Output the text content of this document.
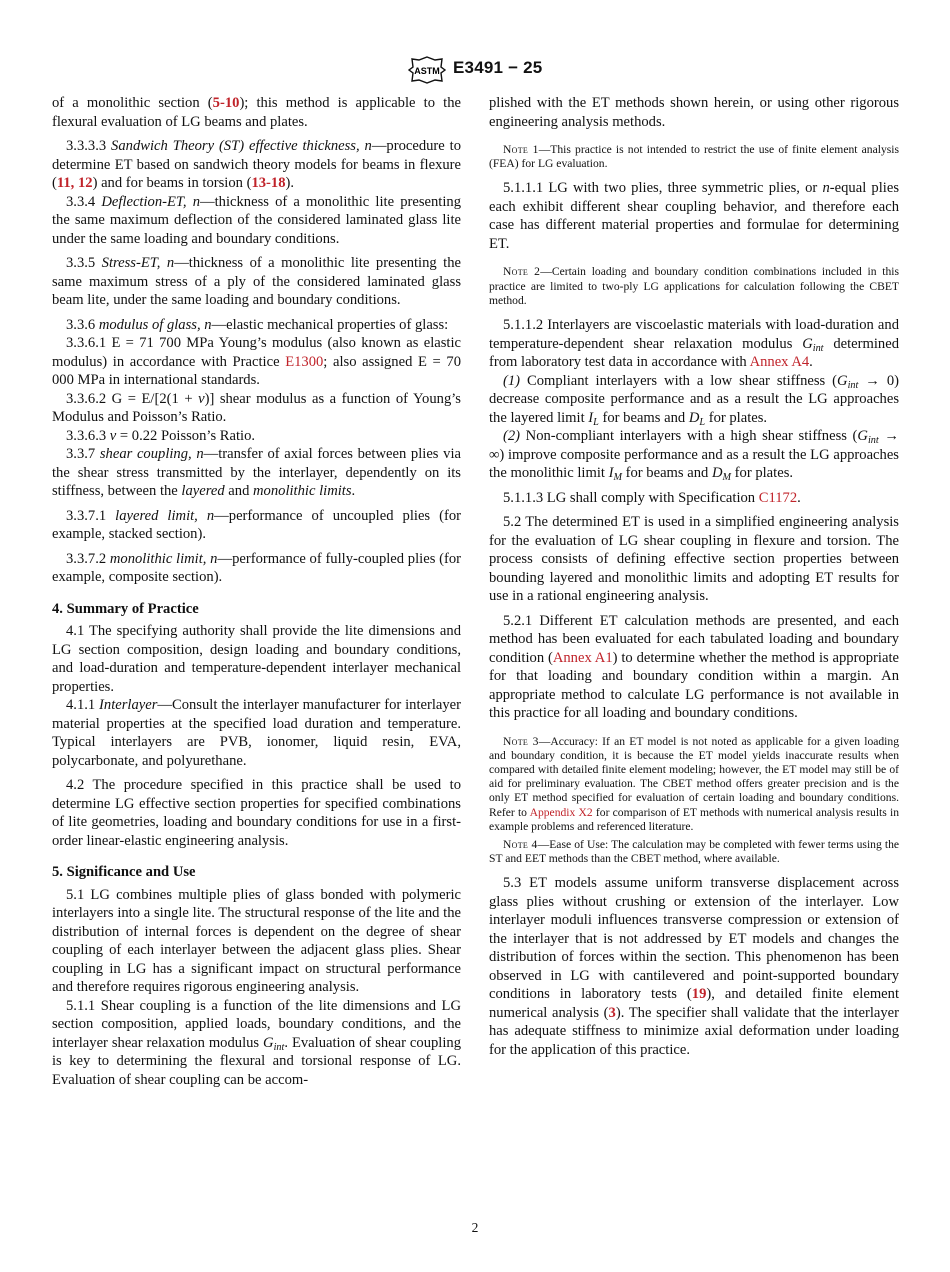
ASTM E3491 − 25

of a monolithic section (5-10); this method is applicable to the flexural evaluation of LG beams and plates.

3.3.3.3 Sandwich Theory (ST) effective thickness, n—procedure to determine ET based on sandwich theory models for beams in flexure (11, 12) and for beams in torsion (13-18).

3.3.4 Deflection-ET, n—thickness of a monolithic lite presenting the same maximum deflection of the considered laminated glass lite under the same loading and boundary conditions.

3.3.5 Stress-ET, n—thickness of a monolithic lite presenting the same maximum stress of a ply of the considered laminated glass beam lite, under the same loading and boundary conditions.

3.3.6 modulus of glass, n—elastic mechanical properties of glass:

3.3.6.1 E = 71 700 MPa Young’s modulus (also known as elastic modulus) in accordance with Practice E1300; also assigned E = 70 000 MPa in international standards.

3.3.6.2 G = E/[2(1 + ν)] shear modulus as a function of Young’s Modulus and Poisson’s Ratio.

3.3.6.3 ν = 0.22 Poisson’s Ratio.

3.3.7 shear coupling, n—transfer of axial forces between plies via the shear stress transmitted by the interlayer, dependently on its stiffness, between the layered and monolithic limits.

3.3.7.1 layered limit, n—performance of uncoupled plies (for example, stacked section).

3.3.7.2 monolithic limit, n—performance of fully-coupled plies (for example, composite section).

4. Summary of Practice

4.1 The specifying authority shall provide the lite dimensions and LG section composition, design loading and boundary conditions, and load-duration and temperature-dependent interlayer mechanical properties.

4.1.1 Interlayer—Consult the interlayer manufacturer for interlayer material properties at the specified load duration and temperature. Typical interlayers are PVB, ionomer, liquid resin, EVA, polycarbonate, and polyurethane.

4.2 The procedure specified in this practice shall be used to determine LG effective section properties for specified combinations of lite geometries, loading and boundary conditions for use in a first-order linear-elastic engineering analysis.

5. Significance and Use

5.1 LG combines multiple plies of glass bonded with polymeric interlayers into a single lite. The structural response of the lite and the distribution of internal forces is dependent on the degree of shear coupling of each interlayer between the adjacent glass plies. Shear coupling in LG has a significant impact on structural performance and therefore requires rigorous engineering analysis.

5.1.1 Shear coupling is a function of the lite dimensions and LG section composition, applied loads, boundary conditions, and the interlayer shear relaxation modulus $G_{int}$. Evaluation of shear coupling is key to determining the flexural and torsional response of LG. Evaluation of shear coupling can be accom-

plished with the ET methods shown herein, or using other rigorous engineering analysis methods.

Note 1—This practice is not intended to restrict the use of finite element analysis (FEA) for LG evaluation.

5.1.1.1 LG with two plies, three symmetric plies, or n-equal plies each exhibit different shear coupling behavior, and therefore each case has different material properties and formulae for determining ET.

Note 2—Certain loading and boundary condition combinations included in this practice are limited to two-ply LG applications for calculation following the CBET method.

5.1.1.2 Interlayers are viscoelastic materials with load-duration and temperature-dependent shear relaxation modulus $G_{int}$ determined from laboratory test data in accordance with Annex A4.

(1) Compliant interlayers with a low shear stiffness $(G_{int} \to 0)$ decrease composite performance and as a result the LG approaches the layered limit $I_L$ for beams and $D_L$ for plates.

(2) Non-compliant interlayers with a high shear stiffness ($G_{int}$ → ∞) improve composite performance and as a result the LG approaches the monolithic limit $I_M$ for beams and $D_M$ for plates.

5.1.1.3 LG shall comply with Specification C1172.

5.2 The determined ET is used in a simplified engineering analysis for the evaluation of LG shear coupling in flexure and torsion. The process consists of defining effective section properties between bounding layered and monolithic limits and adopting ET results for use in a rational engineering analysis.

5.2.1 Different ET calculation methods are presented, and each method has been evaluated for each tabulated loading and boundary condition (Annex A1) to determine whether the method is appropriate for that loading and boundary condition within a margin. An appropriate method to calculate LG performance is not available in this practice for all loading and boundary conditions.

Note 3—Accuracy: If an ET model is not noted as applicable for a given loading and boundary condition, it is because the ET model yields inaccurate results when compared with detailed finite element modeling; however, the ET model may still be of aid for preliminary evaluation. The CBET method offers greater precision and is the only ET method specified for evaluation of certain loading and boundary conditions. Refer to Appendix X2 for comparison of ET methods with numerical analysis results in example problems and referenced literature.

Note 4—Ease of Use: The calculation may be completed with fewer terms using the ST and EET methods than the CBET method, where available.

5.3 ET models assume uniform transverse displacement across glass plies without crushing or extension of the interlayer. Low interlayer moduli influences transverse compression or extension of the interlayer that is not addressed by ET models and changes the distribution of forces within the section. This phenomenon has been observed in LG with cantilevered and point-supported boundary conditions in laboratory tests (19), and detailed finite element numerical analysis (3). The specifier shall validate that the interlayer has adequate stiffness to minimize axial deformation under loading for the application of this practice.

2
